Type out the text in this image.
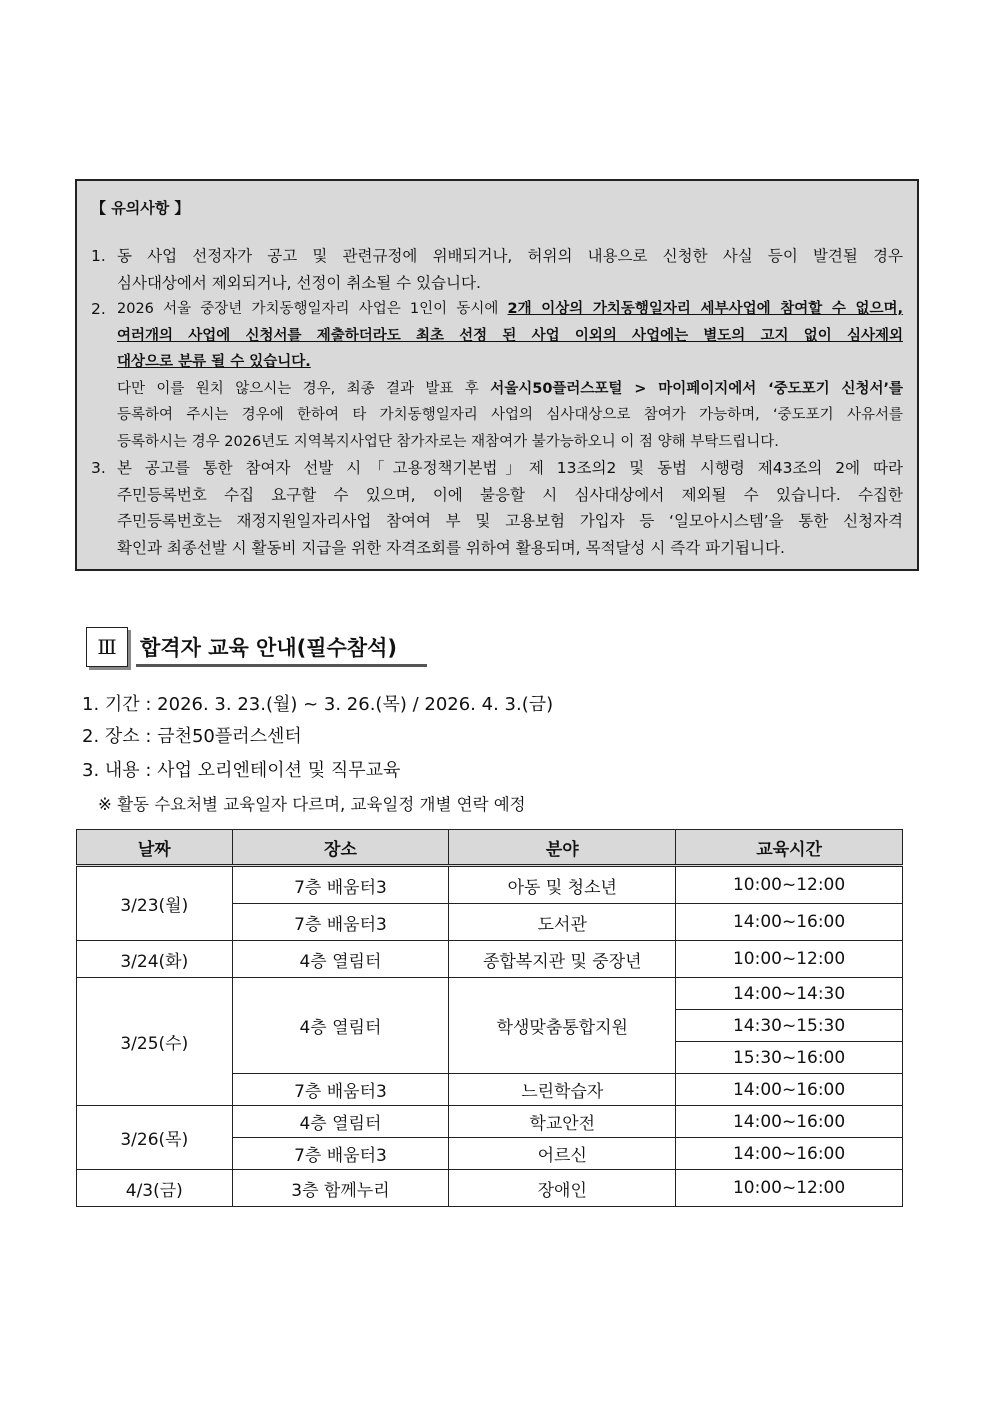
【 유의사항 】
1. 동 사업 선정자가 공고 및 관련규정에 위배되거나, 허위의 내용으로 신청한 사실 등이 발견될 경우
심사대상에서 제외되거나, 선정이 취소될 수 있습니다.
2. 2026 서울 중장년 가치동행일자리 사업은 1인이 동시에 2개 이상의 가치동행일자리 세부사업에 참여할 수 없으며,
여러개의 사업에 신청서를 제출하더라도 최초 선정 된 사업 이외의 사업에는 별도의 고지 없이 심사제외
대상으로 분류 될 수 있습니다.
다만 이를 원치 않으시는 경우, 최종 결과 발표 후 서울시50플러스포털 > 마이페이지에서 ‘중도포기 신청서’를
등록하여 주시는 경우에 한하여 타 가치동행일자리 사업의 심사대상으로 참여가 가능하며, ‘중도포기 사유서를
등록하시는 경우 2026년도 지역복지사업단 참가자로는 재참여가 불가능하오니 이 점 양해 부탁드립니다.
3. 본 공고를 통한 참여자 선발 시「고용정책기본법」제 13조의2 및 동법 시행령 제43조의 2에 따라
주민등록번호 수집 요구할 수 있으며, 이에 불응할 시 심사대상에서 제외될 수 있습니다. 수집한
주민등록번호는 재정지원일자리사업 참여여 부 및 고용보험 가입자 등 ‘일모아시스템’을 통한 신청자격
확인과 최종선발 시 활동비 지급을 위한 자격조회를 위하여 활용되며, 목적달성 시 즉각 파기됩니다.
Ⅲ	합격자 교육 안내(필수참석)
1. 기간 : 2026. 3. 23.(월) ~ 3. 26.(목) / 2026. 4. 3.(금)
2. 장소 : 금천50플러스센터
3. 내용 : 사업 오리엔테이션 및 직무교육
※ 활동 수요처별 교육일자 다르며, 교육일정 개별 연락 예정
날짜	장소	분야	교육시간
3/23(월)	7층 배움터3	아동 및 청소년	10:00~12:00
	7층 배움터3	도서관	14:00~16:00
3/24(화)	4층 열림터	종합복지관 및 중장년	10:00~12:00
3/25(수)	4층 열림터	학생맞춤통합지원	14:00~14:30
			14:30~15:30
			15:30~16:00
	7층 배움터3	느린학습자	14:00~16:00
3/26(목)	4층 열림터	학교안전	14:00~16:00
	7층 배움터3	어르신	14:00~16:00
4/3(금)	3층 함께누리	장애인	10:00~12:00
